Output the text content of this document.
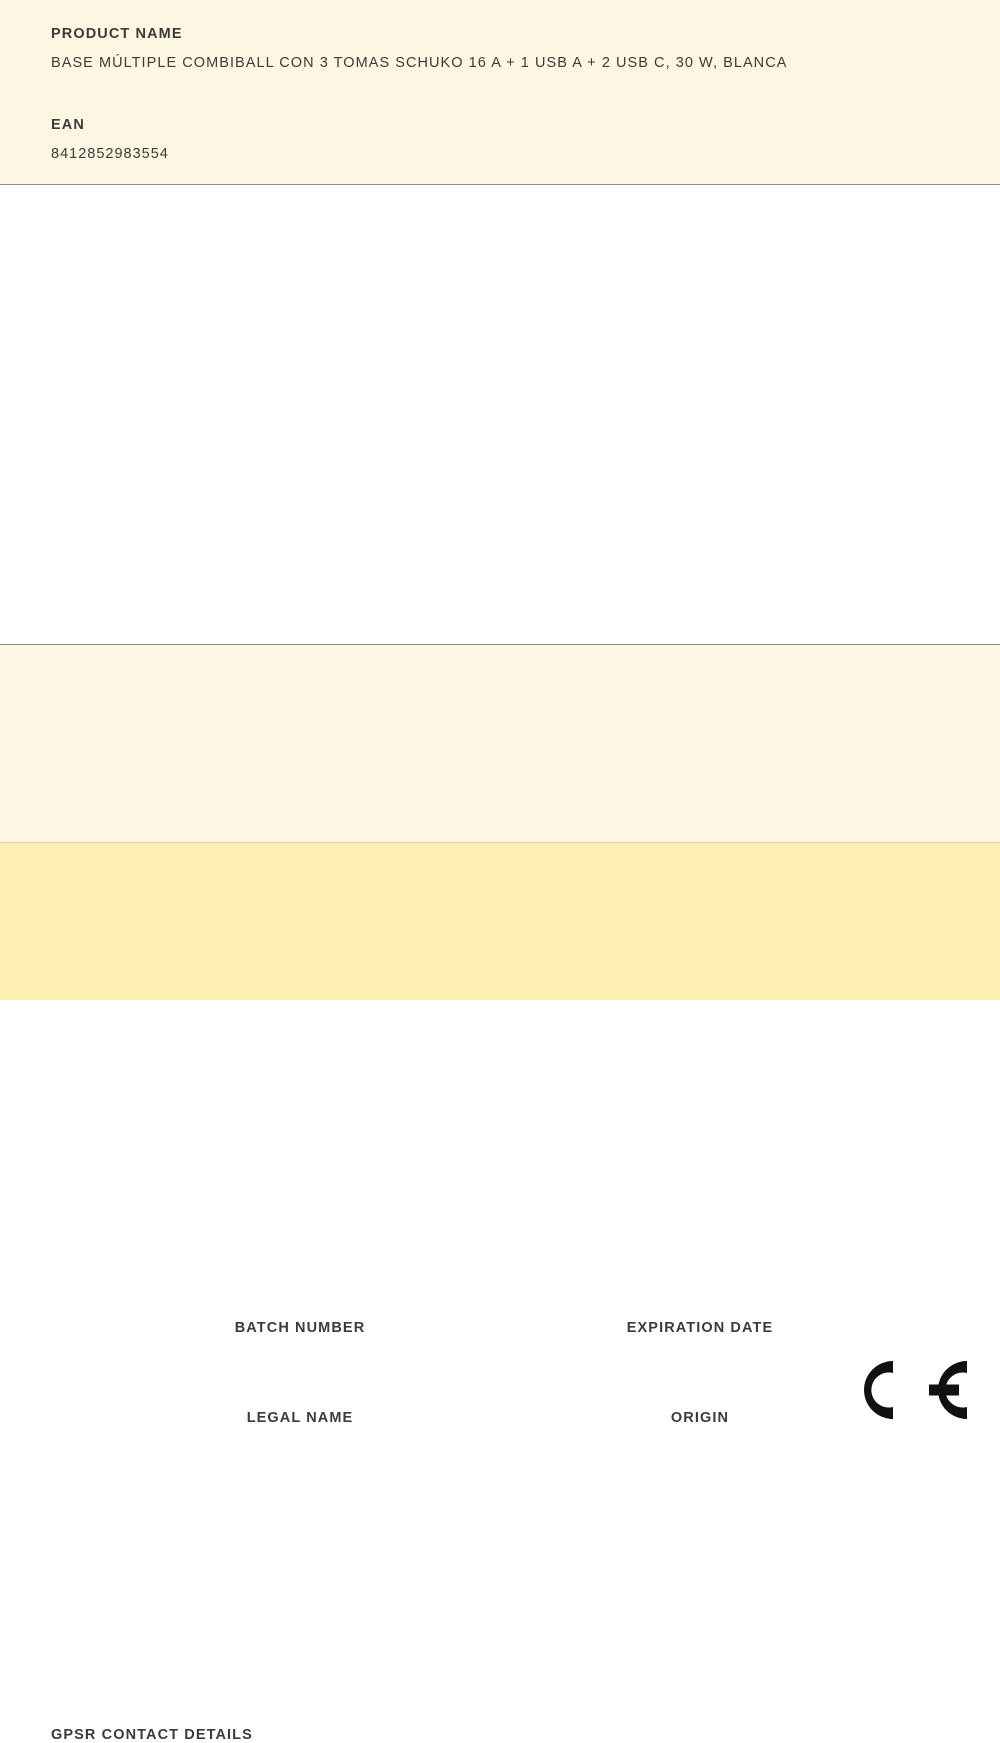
PRODUCT NAME
BASE MÚLTIPLE COMBIBALL CON 3 TOMAS SCHUKO 16 A + 1 USB A + 2 USB C, 30 W, BLANCA
EAN
8412852983554
BATCH NUMBER	EXPIRATION DATE
LEGAL NAME	ORIGIN
GPSR CONTACT DETAILS
